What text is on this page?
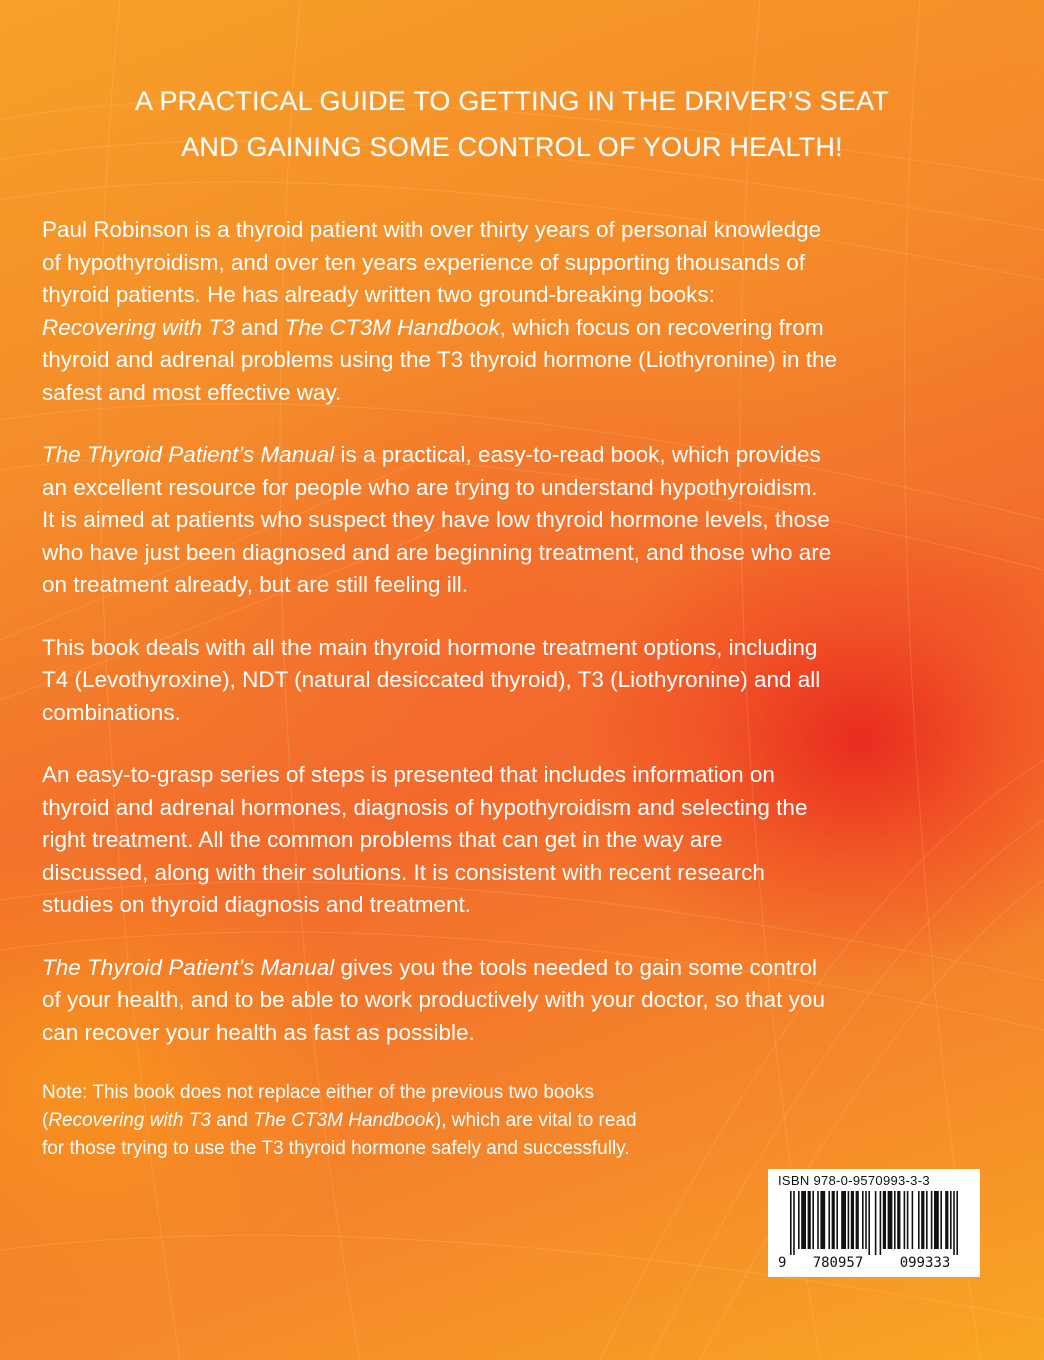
A PRACTICAL GUIDE TO GETTING IN THE DRIVER’S SEAT
AND GAINING SOME CONTROL OF YOUR HEALTH!

Paul Robinson is a thyroid patient with over thirty years of personal knowledge
of hypothyroidism, and over ten years experience of supporting thousands of
thyroid patients. He has already written two ground-breaking books:
Recovering with T3 and The CT3M Handbook, which focus on recovering from
thyroid and adrenal problems using the T3 thyroid hormone (Liothyronine) in the
safest and most effective way.

The Thyroid Patient’s Manual is a practical, easy-to-read book, which provides
an excellent resource for people who are trying to understand hypothyroidism.
It is aimed at patients who suspect they have low thyroid hormone levels, those
who have just been diagnosed and are beginning treatment, and those who are
on treatment already, but are still feeling ill.

This book deals with all the main thyroid hormone treatment options, including
T4 (Levothyroxine), NDT (natural desiccated thyroid), T3 (Liothyronine) and all
combinations.

An easy-to-grasp series of steps is presented that includes information on
thyroid and adrenal hormones, diagnosis of hypothyroidism and selecting the
right treatment. All the common problems that can get in the way are
discussed, along with their solutions. It is consistent with recent research
studies on thyroid diagnosis and treatment.

The Thyroid Patient’s Manual gives you the tools needed to gain some control
of your health, and to be able to work productively with your doctor, so that you
can recover your health as fast as possible.

Note: This book does not replace either of the previous two books
(Recovering with T3 and The CT3M Handbook), which are vital to read
for those trying to use the T3 thyroid hormone safely and successfully.

ISBN 978-0-9570993-3-3
9	780957	099333
